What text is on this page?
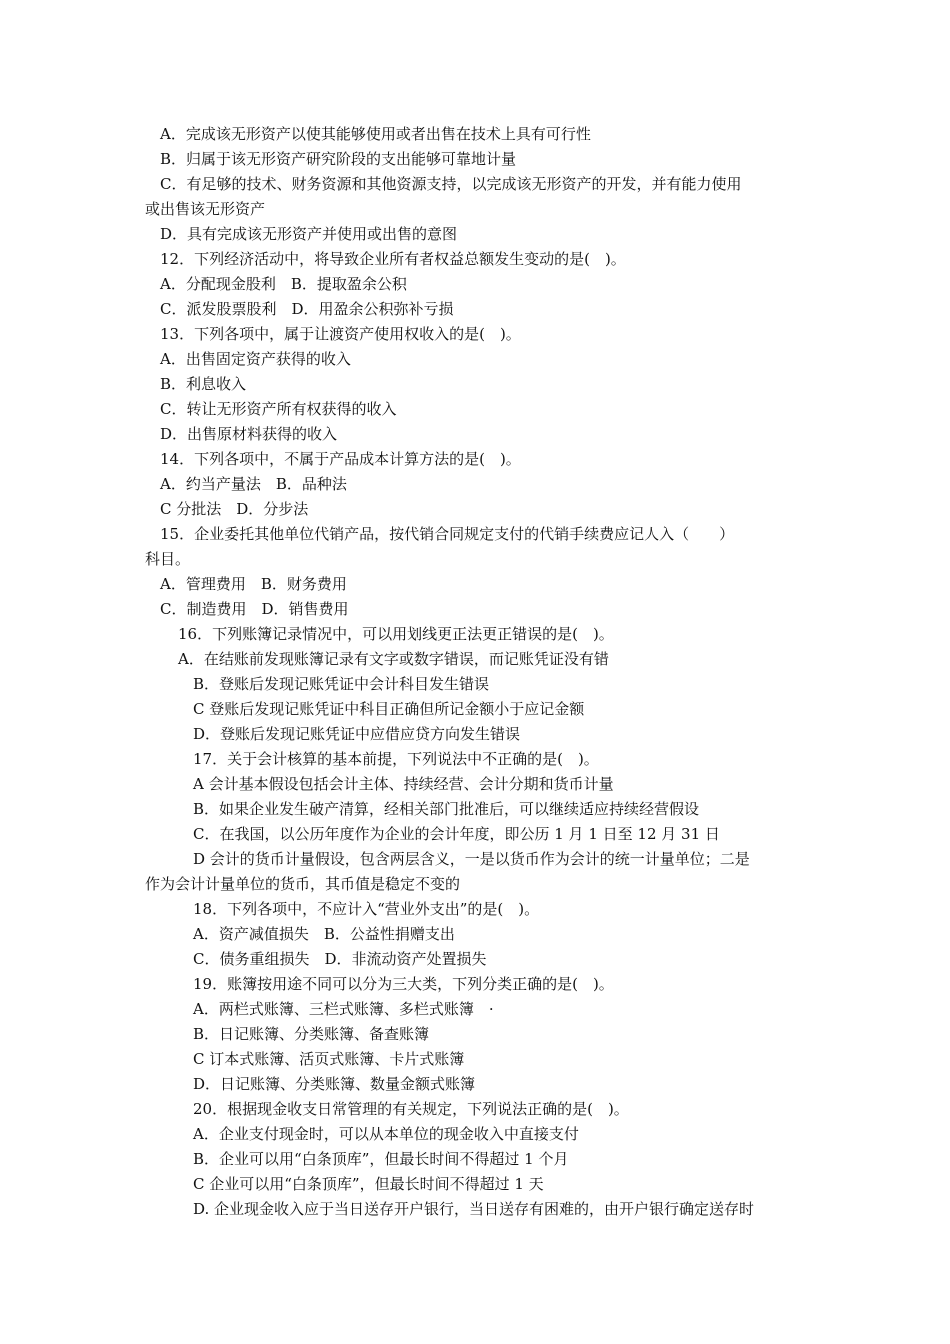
A．完成该无形资产以使其能够使用或者出售在技术上具有可行性
B．归属于该无形资产研究阶段的支出能够可靠地计量
C．有足够的技术、财务资源和其他资源支持，以完成该无形资产的开发，并有能力使用
或出售该无形资产
D．具有完成该无形资产并使用或出售的意图
12．下列经济活动中，将导致企业所有者权益总额发生变动的是(　)。
A．分配现金股利　B．提取盈余公积
C．派发股票股利　D．用盈余公积弥补亏损
13．下列各项中，属于让渡资产使用权收入的是(　)。
A．出售固定资产获得的收入
B．利息收入
C．转让无形资产所有权获得的收入
D．出售原材料获得的收入
14．下列各项中，不属于产品成本计算方法的是(　)。
A．约当产量法　B．品种法
C 分批法　D．分步法
15．企业委托其他单位代销产品，按代销合同规定支付的代销手续费应记人入（　　）
科目。
A．管理费用　B．财务费用
C．制造费用　D．销售费用
16．下列账簿记录情况中，可以用划线更正法更正错误的是(　)。
A．在结账前发现账簿记录有文字或数字错误，而记账凭证没有错
B．登账后发现记账凭证中会计科目发生错误
C 登账后发现记账凭证中科目正确但所记金额小于应记金额
D．登账后发现记账凭证中应借应贷方向发生错误
17．关于会计核算的基本前提，下列说法中不正确的是(　)。
A 会计基本假设包括会计主体、持续经营、会计分期和货币计量
B．如果企业发生破产清算，经相关部门批准后，可以继续适应持续经营假设
C．在我国，以公历年度作为企业的会计年度，即公历 1 月 1 日至 12 月 31 日
D 会计的货币计量假设，包含两层含义，一是以货币作为会计的统一计量单位；二是
作为会计计量单位的货币，其币值是稳定不变的
18．下列各项中，不应计入“营业外支出”的是(　)。
A．资产减值损失　B．公益性捐赠支出
C．债务重组损失　D．非流动资产处置损失
19．账簿按用途不同可以分为三大类，下列分类正确的是(　)。
A．两栏式账簿、三栏式账簿、多栏式账簿　·
B．日记账簿、分类账簿、备查账簿
C 订本式账簿、活页式账簿、卡片式账簿
D．日记账簿、分类账簿、数量金额式账簿
20．根据现金收支日常管理的有关规定，下列说法正确的是(　)。
A．企业支付现金时，可以从本单位的现金收入中直接支付
B．企业可以用“白条顶库”，但最长时间不得超过 1 个月
C 企业可以用“白条顶库”，但最长时间不得超过 1 天
D. 企业现金收入应于当日送存开户银行，当日送存有困难的，由开户银行确定送存时
